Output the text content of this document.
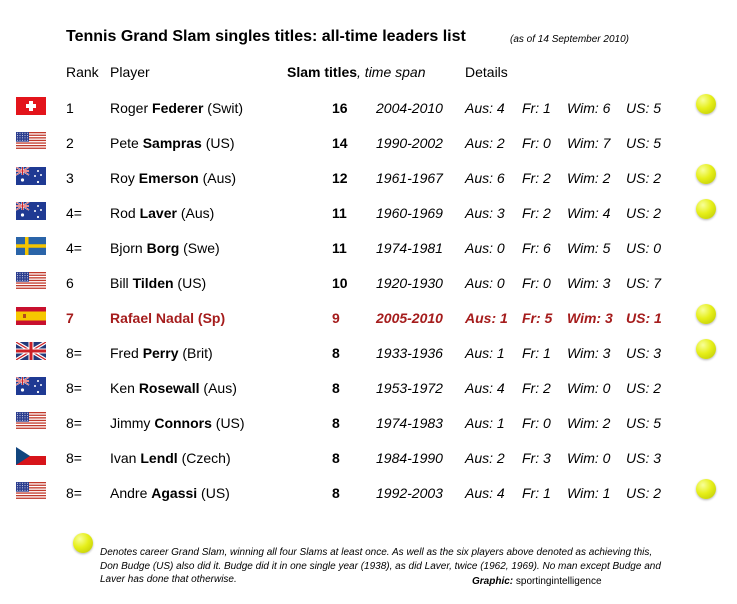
Tennis Grand Slam singles titles: all-time leaders list	(as of 14 September 2010)
Rank Player	Slam titles, time span	Details
1	Roger Federer (Swit)	16 2004-2010 Aus: 4 Fr: 1 Wim: 6 US: 5
2	Pete Sampras (US)	14 1990-2002 Aus: 2 Fr: 0 Wim: 7 US: 5
3	Roy Emerson (Aus)	12 1961-1967 Aus: 6 Fr: 2 Wim: 2 US: 2
4= Rod Laver (Aus)	11 1960-1969 Aus: 3 Fr: 2 Wim: 4 US: 2
4= Bjorn Borg (Swe)	11 1974-1981 Aus: 0 Fr: 6 Wim: 5 US: 0
6	Bill Tilden (US)	10 1920-1930 Aus: 0 Fr: 0 Wim: 3 US: 7
7	Rafael Nadal (Sp)	9	2005-2010 Aus: 1 Fr: 5 Wim: 3 US: 1
8= Fred Perry (Brit)	8	1933-1936 Aus: 1 Fr: 1 Wim: 3 US: 3
8= Ken Rosewall (Aus)	8	1953-1972 Aus: 4 Fr: 2 Wim: 0 US: 2
8= Jimmy Connors (US)	8	1974-1983 Aus: 1 Fr: 0 Wim: 2 US: 5
8= Ivan Lendl (Czech)	8	1984-1990 Aus: 2 Fr: 3 Wim: 0 US: 3
8= Andre Agassi (US)	8	1992-2003 Aus: 4 Fr: 1 Wim: 1 US: 2
Denotes career Grand Slam, winning all four Slams at least once. As well as the six players above denoted as achieving this, Don Budge (US) also did it. Budge did it in one single year (1938), as did Laver, twice (1962, 1969). No man except Budge and Laver has done that otherwise.	Graphic: sportingintelligence
